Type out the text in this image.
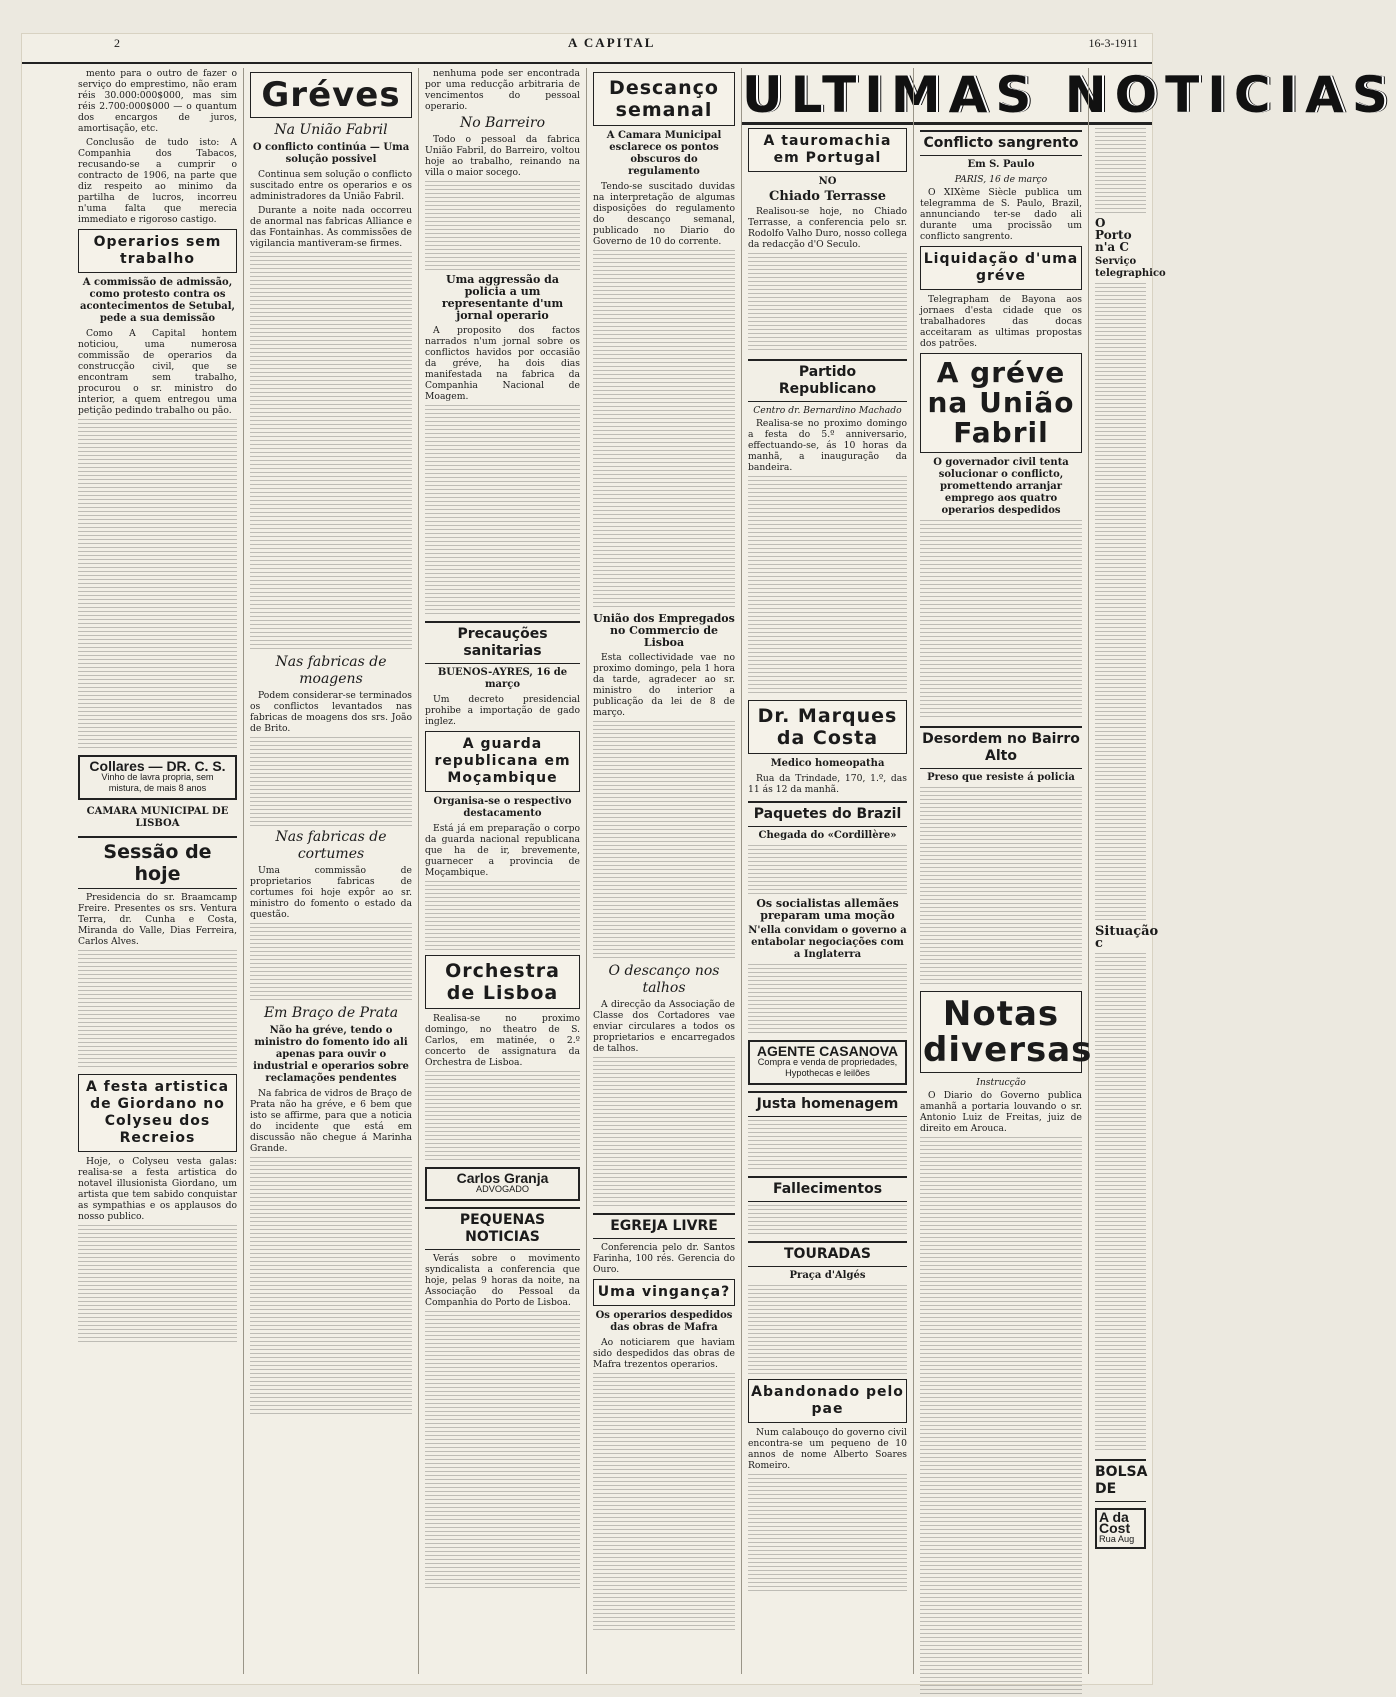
2	A CAPITAL	16-3-1911

mento para o outro de fazer o serviço do emprestimo, não eram réis 30.000:000$000, mas sim réis 2.700:000$000 — o quantum dos encargos de juros, amortisação, etc.

Conclusão de tudo isto: A Companhia dos Tabacos, recusando-se a cumprir o contracto de 1906, na parte que diz respeito ao minimo da partilha de lucros, incorreu n'uma falta que merecia immediato e rigoroso castigo.

Operarios sem trabalho
A commissão de admissão, como protesto contra os acontecimentos de Setubal, pede a sua demissão

Como A Capital hontem noticiou, uma numerosa commissão de operarios da construcção civil, que se encontram sem trabalho, procurou o sr. ministro do interior, a quem entregou uma petição pedindo trabalho ou pão.

Collares — DR. C. S.
Vinho de lavra propria, sem mistura, de mais 8 anos
CAMARA MUNICIPAL DE LISBOA
Sessão de hoje

Presidencia do sr. Braamcamp Freire. Presentes os srs. Ventura Terra, dr. Cunha e Costa, Miranda do Valle, Dias Ferreira, Carlos Alves.

A festa artistica de Giordano no Colyseu dos Recreios

Hoje, o Colyseu vesta galas: realisa-se a festa artistica do notavel illusionista Giordano, um artista que tem sabido conquistar as sympathias e os applausos do nosso publico.

Gréves
Na União Fabril
O conflicto continúa — Uma solução possivel

Continua sem solução o conflicto suscitado entre os operarios e os administradores da União Fabril.

Durante a noite nada occorreu de anormal nas fabricas Alliance e das Fontainhas. As commissões de vigilancia mantiveram-se firmes.

Nas fabricas de moagens

Podem considerar-se terminados os conflictos levantados nas fabricas de moagens dos srs. João de Brito.

Nas fabricas de cortumes

Uma commissão de proprietarios fabricas de cortumes foi hoje expôr ao sr. ministro do fomento o estado da questão.

Em Braço de Prata
Não ha gréve, tendo o ministro do fomento ido ali apenas para ouvir o industrial e operarios sobre reclamações pendentes

Na fabrica de vidros de Braço de Prata não ha gréve, e 6 bem que isto se affirme, para que a noticia do incidente que está em discussão não chegue á Marinha Grande.

nenhuma pode ser encontrada por uma reducção arbitraria de vencimentos do pessoal operario.

No Barreiro

Todo o pessoal da fabrica União Fabril, do Barreiro, voltou hoje ao trabalho, reinando na villa o maior socego.

Uma aggressão da policia a um representante d'um jornal operario

A proposito dos factos narrados n'um jornal sobre os conflictos havidos por occasião da gréve, ha dois dias manifestada na fabrica da Companhia Nacional de Moagem.

Precauções sanitarias
BUENOS-AYRES, 16 de março

Um decreto presidencial prohibe a importação de gado inglez.

A guarda republicana em Moçambique
Organisa-se o respectivo destacamento

Está já em preparação o corpo da guarda nacional republicana que ha de ir, brevemente, guarnecer a provincia de Moçambique.

Orchestra de Lisboa

Realisa-se no proximo domingo, no theatro de S. Carlos, em matinée, o 2.º concerto de assignatura da Orchestra de Lisboa.

Carlos Granja
ADVOGADO
PEQUENAS NOTICIAS

Verás sobre o movimento syndicalista a conferencia que hoje, pelas 9 horas da noite, na Associação do Pessoal da Companhia do Porto de Lisboa.

Descanço semanal
A Camara Municipal esclarece os pontos obscuros do regulamento

Tendo-se suscitado duvidas na interpretação de algumas disposições do regulamento do descanço semanal, publicado no Diario do Governo de 10 do corrente.

União dos Empregados no Commercio de Lisboa

Esta collectividade vae no proximo domingo, pela 1 hora da tarde, agradecer ao sr. ministro do interior a publicação da lei de 8 de março.

O descanço nos talhos

A direcção da Associação de Classe dos Cortadores vae enviar circulares a todos os proprietarios e encarregados de talhos.

EGREJA LIVRE

Conferencia pelo dr. Santos Farinha, 100 rés. Gerencia do Ouro.

Uma vingança?
Os operarios despedidos das obras de Mafra

Ao noticiarem que haviam sido despedidos das obras de Mafra trezentos operarios.

ULTIMAS NOTICIAS
A tauromachia em Portugal
NO
Chiado Terrasse

Realisou-se hoje, no Chiado Terrasse, a conferencia pelo sr. Rodolfo Valho Duro, nosso collega da redacção d'O Seculo.

Partido Republicano
Centro dr. Bernardino Machado

Realisa-se no proximo domingo a festa do 5.º anniversario, effectuando-se, ás 10 horas da manhã, a inauguração da bandeira.

Dr. Marques da Costa
Medico homeopatha

Rua da Trindade, 170, 1.º, das 11 ás 12 da manhã.

Paquetes do Brazil
Chegada do «Cordillère»
Os socialistas allemães preparam uma moção
N'ella convidam o governo a entabolar negociações com a Inglaterra
AGENTE CASANOVA
Compra e venda de propriedades, Hypothecas e leilões
Justa homenagem
Fallecimentos
TOURADAS
Praça d'Algés
Abandonado pelo pae

Num calabouço do governo civil encontra-se um pequeno de 10 annos de nome Alberto Soares Romeiro.

Conflicto sangrento
Em S. Paulo
PARIS, 16 de março

O XIXème Siècle publica um telegramma de S. Paulo, Brazil, annunciando ter-se dado ali durante uma procissão um conflicto sangrento.

Liquidação d'uma gréve

Telegrapham de Bayona aos jornaes d'esta cidade que os trabalhadores das docas acceitaram as ultimas propostas dos patrões.

A gréve na União Fabril
O governador civil tenta solucionar o conflicto, promettendo arranjar emprego aos quatro operarios despedidos
Desordem no Bairro Alto
Preso que resiste á policia
Notas diversas
Instrucção

O Diario do Governo publica amanhã a portaria louvando o sr. Antonio Luiz de Freitas, juiz de direito em Arouca.

O Porto n'a C
Serviço telegraphico
Situação c
BOLSA DE
A da Cost
Rua Aug
